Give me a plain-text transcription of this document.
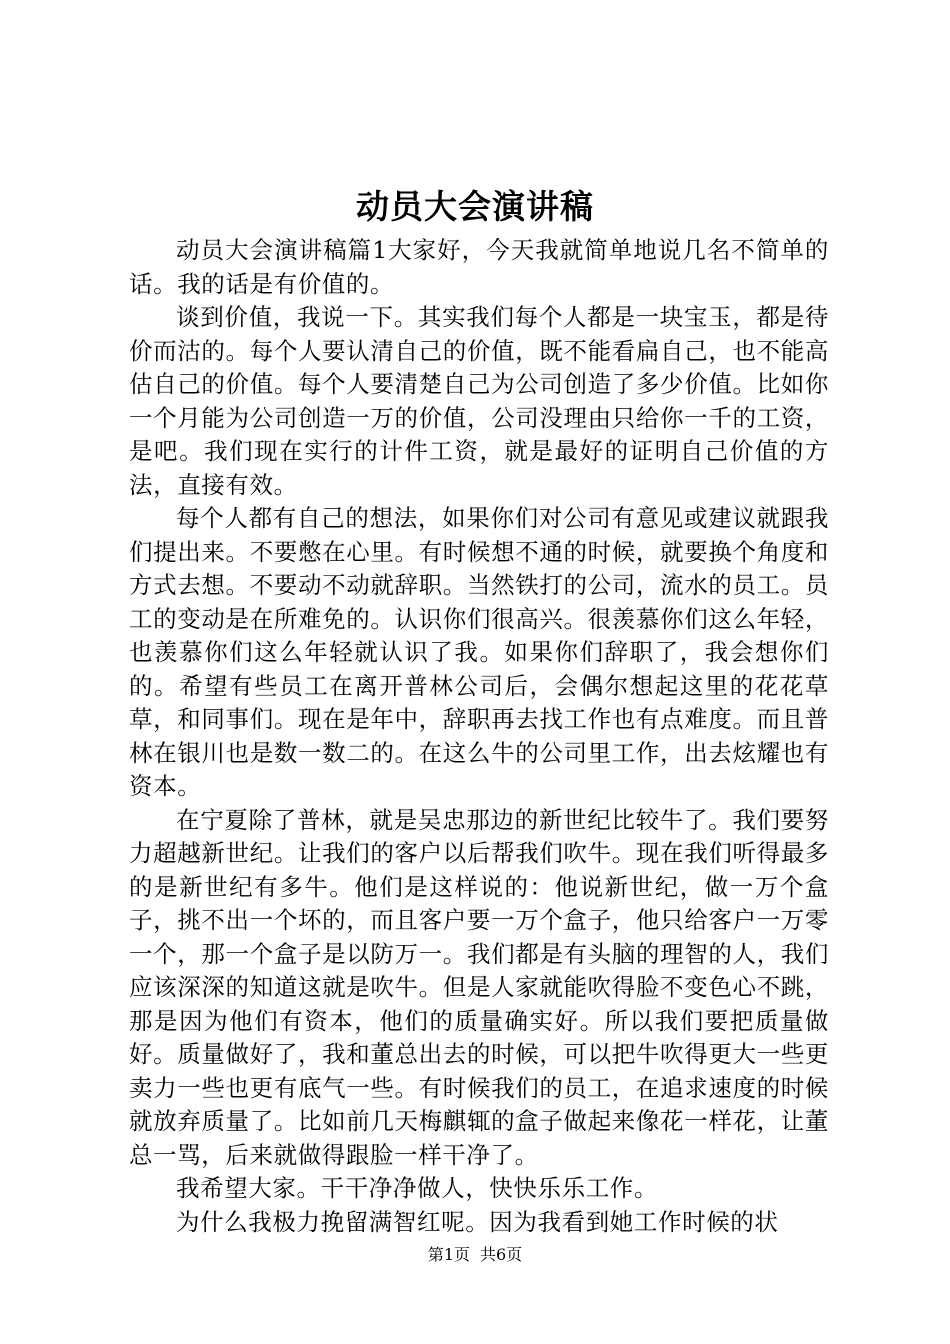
动员大会演讲稿

动员大会演讲稿篇1大家好，今天我就简单地说几名不简单的话。我的话是有价值的。

谈到价值，我说一下。其实我们每个人都是一块宝玉，都是待价而沽的。每个人要认清自己的价值，既不能看扁自己，也不能高估自己的价值。每个人要清楚自己为公司创造了多少价值。比如你一个月能为公司创造一万的价值，公司没理由只给你一千的工资，是吧。我们现在实行的计件工资，就是最好的证明自己价值的方法，直接有效。

每个人都有自己的想法，如果你们对公司有意见或建议就跟我们提出来。不要憋在心里。有时候想不通的时候，就要换个角度和方式去想。不要动不动就辞职。当然铁打的公司，流水的员工。员工的变动是在所难免的。认识你们很高兴。很羡慕你们这么年轻，也羡慕你们这么年轻就认识了我。如果你们辞职了，我会想你们的。希望有些员工在离开普林公司后，会偶尔想起这里的花花草草，和同事们。现在是年中，辞职再去找工作也有点难度。而且普林在银川也是数一数二的。在这么牛的公司里工作，出去炫耀也有资本。

在宁夏除了普林，就是吴忠那边的新世纪比较牛了。我们要努力超越新世纪。让我们的客户以后帮我们吹牛。现在我们听得最多的是新世纪有多牛。他们是这样说的：他说新世纪，做一万个盒子，挑不出一个坏的，而且客户要一万个盒子，他只给客户一万零一个，那一个盒子是以防万一。我们都是有头脑的理智的人，我们应该深深的知道这就是吹牛。但是人家就能吹得脸不变色心不跳，那是因为他们有资本，他们的质量确实好。所以我们要把质量做好。质量做好了，我和董总出去的时候，可以把牛吹得更大一些更卖力一些也更有底气一些。有时候我们的员工，在追求速度的时候就放弃质量了。比如前几天梅麒辄的盒子做起来像花一样花，让董总一骂，后来就做得跟脸一样干净了。

我希望大家。干干净净做人，快快乐乐工作。

为什么我极力挽留满智红呢。因为我看到她工作时候的状

第1页 共6页
